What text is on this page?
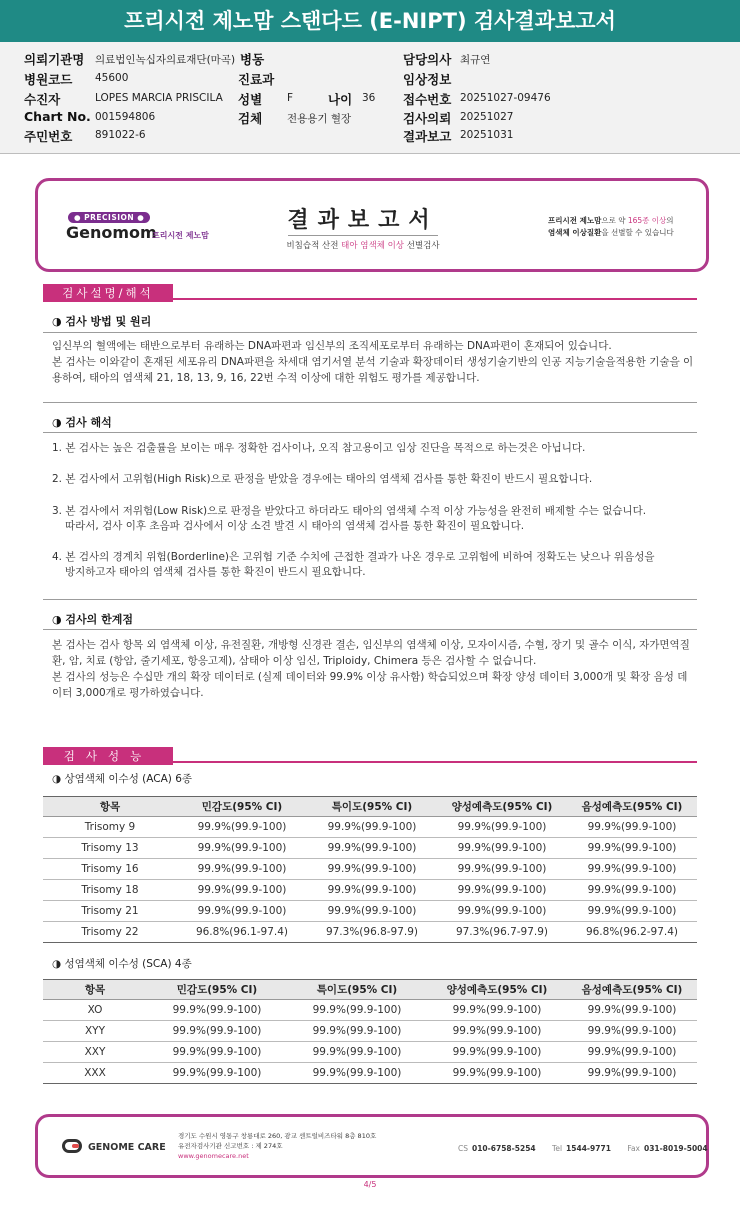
프리시전 제노맘 스탠다드 (E-NIPT) 검사결과보고서
의뢰기관명 의료법인녹십자의료재단(마곡)
병원코드 45600
수진자	LOPES MARCIA PRISCILA
Chart No. 001594806
주민번호 891022-6
병동
진료과
성별 F	나이 36
검체 전용용기 혈장
담당의사 최규연
임상정보
접수번호 20251027-09476
검사의뢰 20251027
결과보고 20251031
● PRECISION ●
Genomom
프리시전 제노맘
결과보고서
비침습적 산전 태아 염색체 이상 선별검사
프리시전 제노맘으로 약 165종 이상의
염색체 이상질환을 선별할 수 있습니다
검사설명/해석
◑ 검사 방법 및 원리
임신부의 혈액에는 태반으로부터 유래하는 DNA파편과 임신부의 조직세포로부터 유래하는 DNA파편이 혼재되어 있습니다.
본 검사는 이와같이 혼재된 세포유리 DNA파편을 차세대 염기서열 분석 기술과 확장데이터 생성기술기반의 인공 지능기술을적용한 기술을 이용하여, 태아의 염색체 21, 18, 13, 9, 16, 22번 수적 이상에 대한 위험도 평가를 제공합니다.
◑ 검사 해석
1. 본 검사는 높은 검출률을 보이는 매우 정확한 검사이나, 오직 참고용이고 임상 진단을 목적으로 하는것은 아닙니다.
2. 본 검사에서 고위험(High Risk)으로 판정을 받았을 경우에는 태아의 염색체 검사를 통한 확진이 반드시 필요합니다.
3. 본 검사에서 저위험(Low Risk)으로 판정을 받았다고 하더라도 태아의 염색체 수적 이상 가능성을 완전히 배제할 수는 없습니다.
따라서, 검사 이후 초음파 검사에서 이상 소견 발견 시 태아의 염색체 검사를 통한 확진이 필요합니다.
4. 본 검사의 경계치 위험(Borderline)은 고위험 기준 수치에 근접한 결과가 나온 경우로 고위험에 비하여 정확도는 낮으나 위음성을
방지하고자 태아의 염색체 검사를 통한 확진이 반드시 필요합니다.
◑ 검사의 한계점
본 검사는 검사 항목 외 염색체 이상, 유전질환, 개방형 신경관 결손, 임신부의 염색체 이상, 모자이시즘, 수혈, 장기 및 골수 이식, 자가면역질환, 암, 치료 (항암, 줄기세포, 항응고제), 삼태아 이상 임신, Triploidy, Chimera 등은 검사할 수 없습니다.
본 검사의 성능은 수십만 개의 확장 데이터로 (실제 데이터와 99.9% 이상 유사함) 학습되었으며 확장 양성 데이터 3,000개 및 확장 음성 데이터 3,000개로 평가하였습니다.
검사성능
◑ 상염색체 이수성 (ACA) 6종
항목	민감도(95% CI)	특이도(95% CI)	양성예측도(95% CI)	음성예측도(95% CI)
Trisomy 9	99.9%(99.9-100)	99.9%(99.9-100)	99.9%(99.9-100)	99.9%(99.9-100)
Trisomy 13	99.9%(99.9-100)	99.9%(99.9-100)	99.9%(99.9-100)	99.9%(99.9-100)
Trisomy 16	99.9%(99.9-100)	99.9%(99.9-100)	99.9%(99.9-100)	99.9%(99.9-100)
Trisomy 18	99.9%(99.9-100)	99.9%(99.9-100)	99.9%(99.9-100)	99.9%(99.9-100)
Trisomy 21	99.9%(99.9-100)	99.9%(99.9-100)	99.9%(99.9-100)	99.9%(99.9-100)
Trisomy 22	96.8%(96.1-97.4)	97.3%(96.8-97.9)	97.3%(96.7-97.9)	96.8%(96.2-97.4)
◑ 성염색체 이수성 (SCA) 4종
항목	민감도(95% CI)	특이도(95% CI)	양성예측도(95% CI)	음성예측도(95% CI)
XO	99.9%(99.9-100)	99.9%(99.9-100)	99.9%(99.9-100)	99.9%(99.9-100)
XYY	99.9%(99.9-100)	99.9%(99.9-100)	99.9%(99.9-100)	99.9%(99.9-100)
XXY	99.9%(99.9-100)	99.9%(99.9-100)	99.9%(99.9-100)	99.9%(99.9-100)
XXX	99.9%(99.9-100)	99.9%(99.9-100)	99.9%(99.9-100)	99.9%(99.9-100)
GENOME CARE
경기도 수원시 영통구 창룡대로 260, 광교 센트럴비즈타워 8층 810호
유전자검사기관 신고번호 : 제 274호
www.genomecare.net
CS 010-6758-5254 Tel 1544-9771 Fax 031-8019-5004
4/5
